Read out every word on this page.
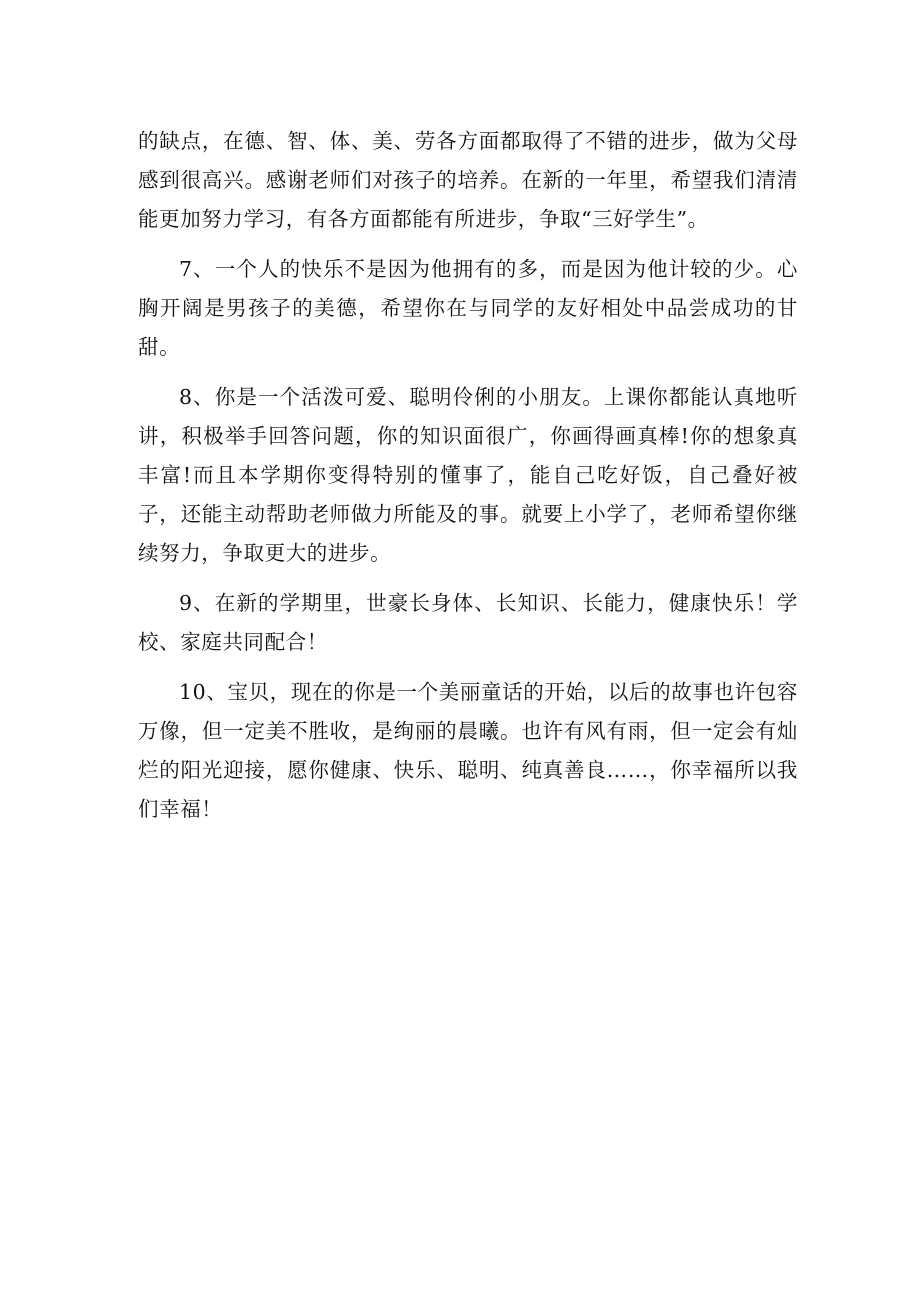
的缺点，在德、智、体、美、劳各方面都取得了不错的进步，做为父母感到很高兴。感谢老师们对孩子的培养。在新的一年里，希望我们清清能更加努力学习，有各方面都能有所进步，争取“三好学生”。

7、一个人的快乐不是因为他拥有的多，而是因为他计较的少。心胸开阔是男孩子的美德，希望你在与同学的友好相处中品尝成功的甘甜。

8、你是一个活泼可爱、聪明伶俐的小朋友。上课你都能认真地听讲，积极举手回答问题，你的知识面很广，你画得画真棒!你的想象真丰富!而且本学期你变得特别的懂事了，能自己吃好饭，自己叠好被子，还能主动帮助老师做力所能及的事。就要上小学了，老师希望你继续努力，争取更大的进步。

9、在新的学期里，世豪长身体、长知识、长能力，健康快乐！学校、家庭共同配合！

10、宝贝，现在的你是一个美丽童话的开始，以后的故事也许包容万像，但一定美不胜收，是绚丽的晨曦。也许有风有雨，但一定会有灿烂的阳光迎接，愿你健康、快乐、聪明、纯真善良……，你幸福所以我们幸福！
